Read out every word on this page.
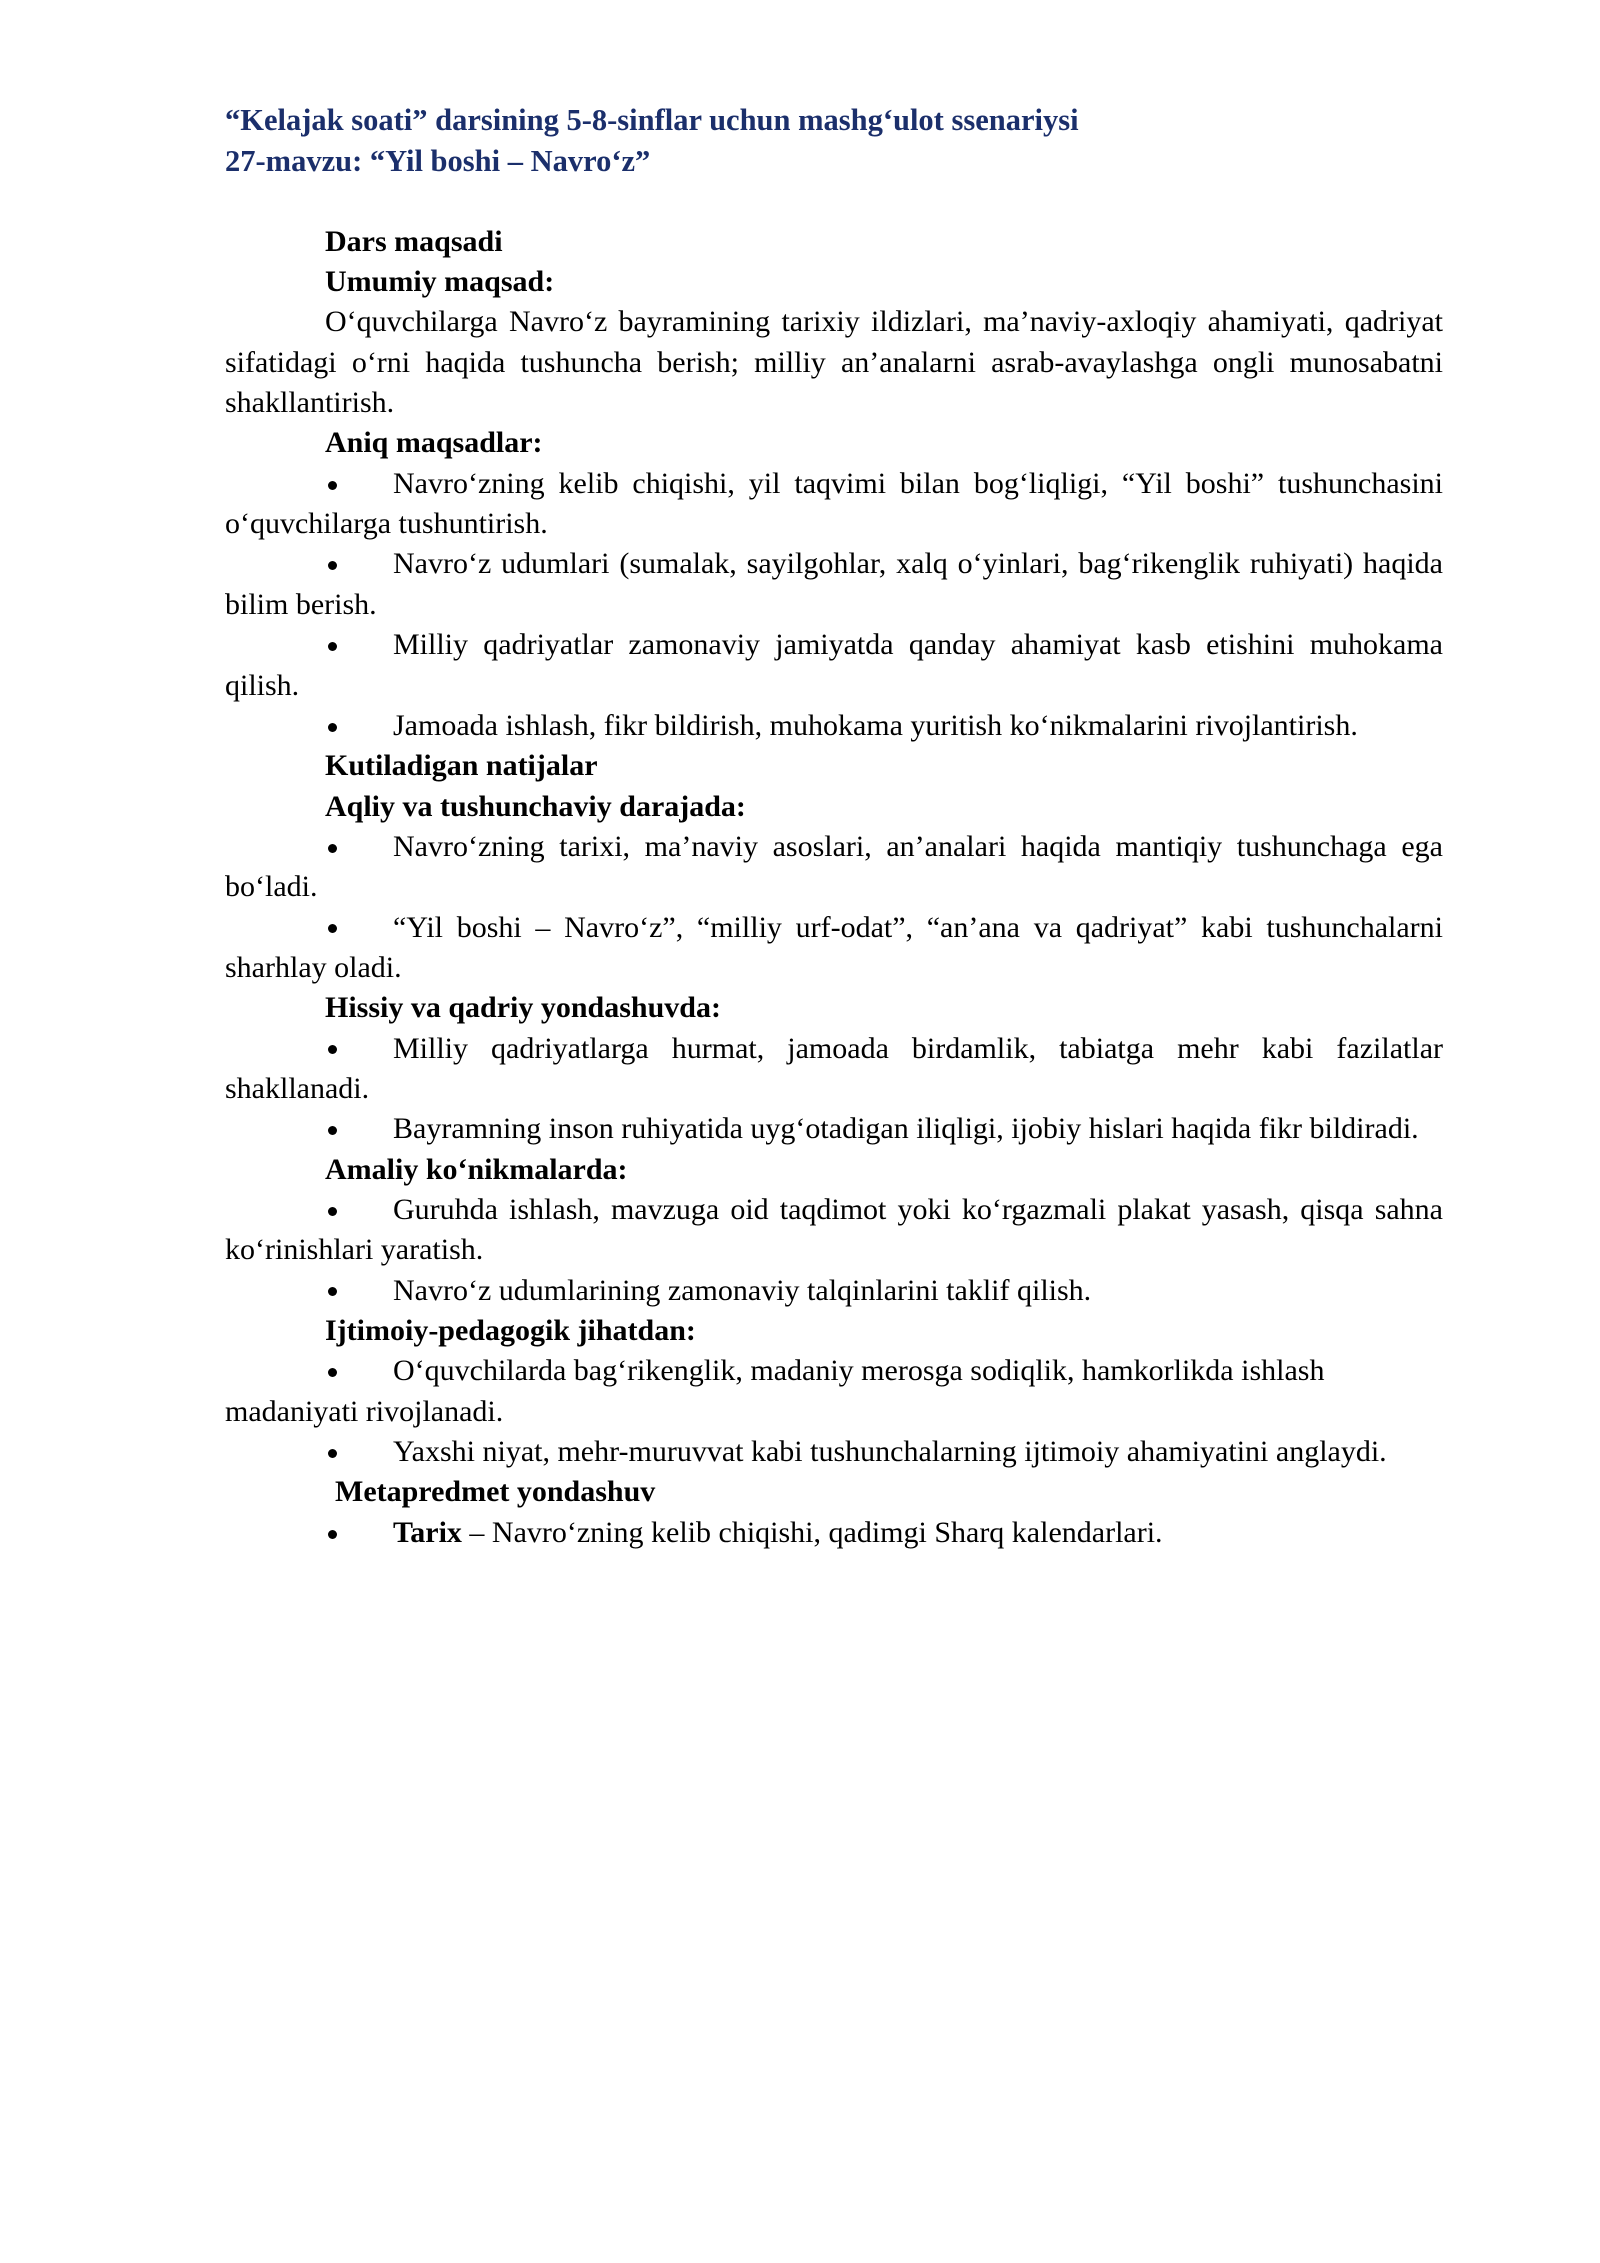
“Kelajak soati” darsining 5-8-sinflar uchun mashg‘ulot ssenariysi
27-mavzu: “Yil boshi – Navro‘z”
Dars maqsadi
Umumiy maqsad:

O‘quvchilarga Navro‘z bayramining tarixiy ildizlari, ma’naviy-axloqiy ahamiyati, qadriyat sifatidagi o‘rni haqida tushuncha berish; milliy an’analarni asrab-avaylashga ongli munosabatni shakllantirish.

Aniq maqsadlar:

Navro‘zning kelib chiqishi, yil taqvimi bilan bog‘liqligi, “Yil boshi” tushunchasini o‘quvchilarga tushuntirish.

Navro‘z udumlari (sumalak, sayilgohlar, xalq o‘yinlari, bag‘rikenglik ruhiyati) haqida bilim berish.

Milliy qadriyatlar zamonaviy jamiyatda qanday ahamiyat kasb etishini muhokama qilish.

Jamoada ishlash, fikr bildirish, muhokama yuritish ko‘nikmalarini rivojlantirish.

Kutiladigan natijalar
Aqliy va tushunchaviy darajada:

Navro‘zning tarixi, ma’naviy asoslari, an’analari haqida mantiqiy tushunchaga ega bo‘ladi.

“Yil boshi – Navro‘z”, “milliy urf-odat”, “an’ana va qadriyat” kabi tushunchalarni sharhlay oladi.

Hissiy va qadriy yondashuvda:

Milliy qadriyatlarga hurmat, jamoada birdamlik, tabiatga mehr kabi fazilatlar shakllanadi.

Bayramning inson ruhiyatida uyg‘otadigan iliqligi, ijobiy hislari haqida fikr bildiradi.

Amaliy ko‘nikmalarda:

Guruhda ishlash, mavzuga oid taqdimot yoki ko‘rgazmali plakat yasash, qisqa sahna ko‘rinishlari yaratish.

Navro‘z udumlarining zamonaviy talqinlarini taklif qilish.

Ijtimoiy-pedagogik jihatdan:

O‘quvchilarda bag‘rikenglik, madaniy merosga sodiqlik, hamkorlikda ishlash madaniyati rivojlanadi.

Yaxshi niyat, mehr-muruvvat kabi tushunchalarning ijtimoiy ahamiyatini anglaydi.

Metapredmet yondashuv

Tarix – Navro‘zning kelib chiqishi, qadimgi Sharq kalendarlari.
